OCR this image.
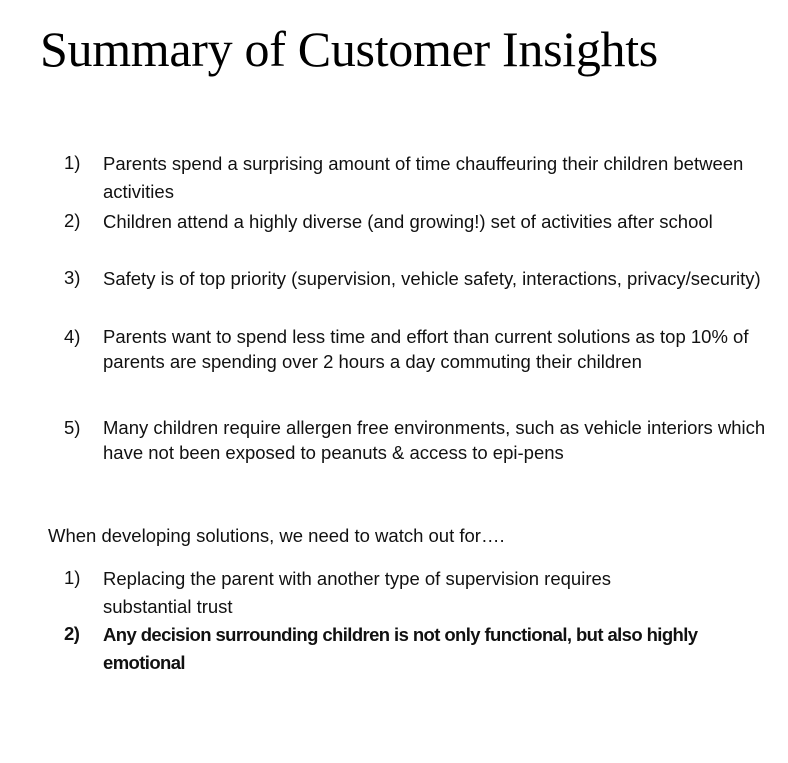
Summary of Customer Insights
1)	Parents spend a surprising amount of time chauffeuring their children between activities
2)	Children attend a highly diverse (and growing!) set of activities after school
3)	Safety is of top priority (supervision, vehicle safety, interactions, privacy/security)
4)	Parents want to spend less time and effort than current solutions as top 10% of parents are spending over 2 hours a day commuting their children
5)	Many children require allergen free environments, such as vehicle interiors which have not been exposed to peanuts & access to epi-pens
When developing solutions, we need to watch out for….
1)	Replacing the parent with another type of supervision requires substantial trust
2)	Any decision surrounding children is not only functional, but also highly emotional
